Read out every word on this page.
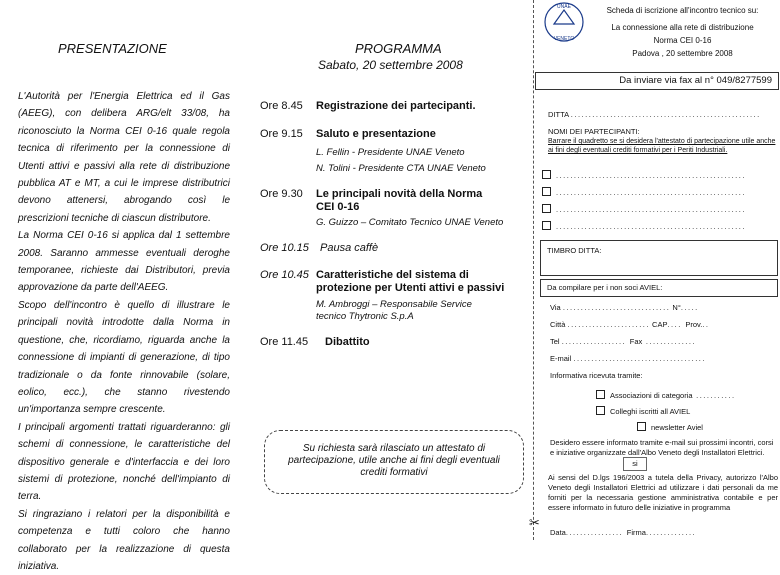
PRESENTAZIONE

L'Autorità per l'Energia Elettrica ed il Gas (AEEG), con delibera ARG/elt 33/08, ha riconosciuto la Norma CEI 0-16 quale regola tecnica di riferimento per la connessione di Utenti attivi e passivi alla rete di distribuzione pubblica AT e MT, a cui le imprese distributrici devono attenersi, abrogando così le prescrizioni tecniche di ciascun distributore.

La Norma CEI 0-16 si applica dal 1 settembre 2008. Saranno ammesse eventuali deroghe temporanee, richieste dai Distributori, previa approvazione da parte dell'AEEG.

Scopo dell'incontro è quello di illustrare le principali novità introdotte dalla Norma in questione, che, ricordiamo, riguarda anche la connessione di impianti di generazione, di tipo tradizionale o da fonte rinnovabile (solare, eolico, ecc.), che stanno rivestendo un'importanza sempre crescente.

I principali argomenti trattati riguarderanno: gli schemi di connessione, le caratteristiche del dispositivo generale e d'interfaccia e dei loro sistemi di protezione, nonché dell'impianto di terra.

Si ringraziano i relatori per la disponibilità e competenza e tutti coloro che hanno collaborato per la realizzazione di questa iniziativa.

PROGRAMMA
Sabato, 20 settembre 2008
Ore 8.45 Registrazione dei partecipanti.
Ore 9.15 Saluto e presentazione
L. Fellin - Presidente UNAE Veneto
N. Tolini - Presidente CTA UNAE Veneto
Ore 9.30 Le principali novità della Norma CEI 0-16
G. Guizzo – Comitato Tecnico UNAE Veneto
Ore 10.15 Pausa caffè
Ore 10.45 Caratteristiche del sistema di protezione per Utenti attivi e passivi
M. Ambroggi – Responsabile Service tecnico Thytronic S.p.A
Ore 11.45 Dibattito
Su richiesta sarà rilasciato un attestato di partecipazione, utile anche ai fini degli eventuali crediti formativi
✂
UNAE
VENETO
Scheda di iscrizione all'incontro tecnico su:
La connessione alla rete di distribuzione
Norma CEI 0-16
Padova , 20 settembre 2008
Da inviare via fax al n° 049/8277599
DITTA .....................................................
NOMI DEI PARTECIPANTI:
Barrare il quadretto se si desidera l'attestato di partecipazione utile anche ai fini degli eventuali crediti formativi per i Periti Industriali.
.....................................................
.....................................................
.....................................................
.....................................................
TIMBRO DITTA:
Da compilare per i non soci AVIEL:
Via .............................. N°.....
Città ....................... CAP.... Prov...
Tel .................. Fax ..............
E-mail .....................................
Informativa ricevuta tramite:
Associazioni di categoria ...........
Colleghi iscritti all AVIEL
newsletter Aviel
Desidero essere informato tramite e-mail sui prossimi incontri, corsi e iniziative organizzate dall'Albo Veneto degli Installatori Elettrici.
si
Ai sensi del D.lgs 196/2003 a tutela della Privacy, autorizzo l'Albo Veneto degli Installatori Elettrici ad utilizzare i dati personali da me forniti per la necessaria gestione amministrativa contabile e per essere informato in futuro delle iniziative in programma
Data................ Firma..............
